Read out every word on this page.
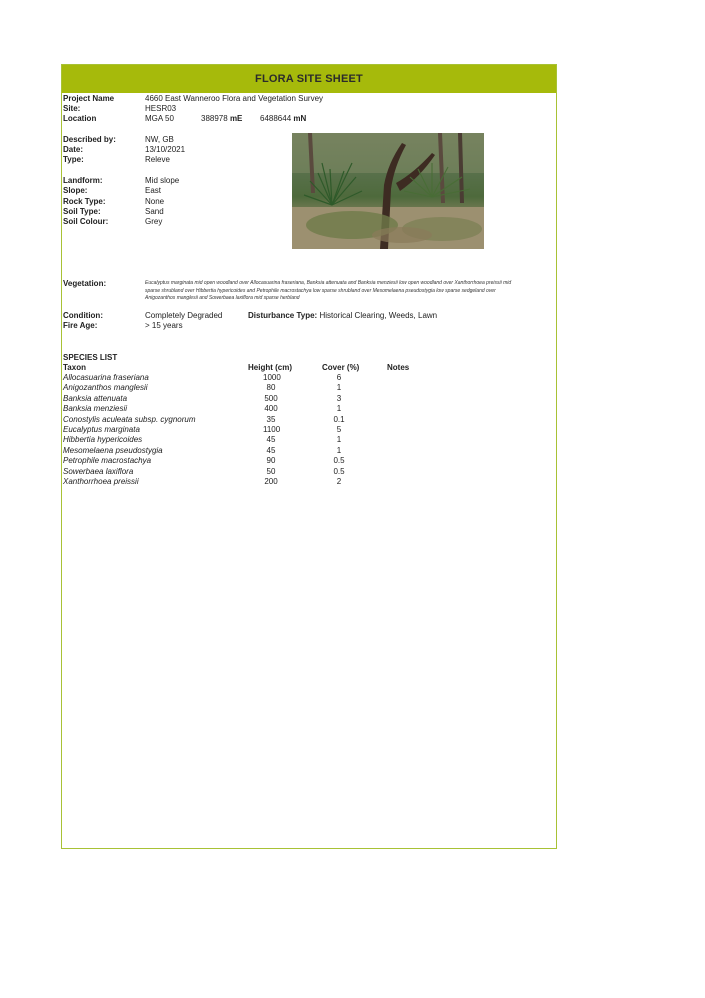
FLORA SITE SHEET
Project Name	4660 East Wanneroo Flora and Vegetation Survey
Site:	HESR03
Location	MGA 50	388978 mE 6488644 mN
Described by:	NW, GB
Date:	13/10/2021
Type:	Releve
Landform:	Mid slope
Slope:	East
Rock Type:	None
Soil Type:	Sand
Soil Colour:	Grey
Vegetation:	Eucalyptus marginata mid open woodland over Allocasuarina fraseriana, Banksia attenuata and Banksia menziesii low open woodland over Xanthorrhoea preissii mid sparse shrubland over Hibbertia hypericoides and Petrophile macrostachya low sparse shrubland over Mesomelaena pseudostygia low sparse sedgeland over Anigozanthos manglesii and Sowerbaea laxiflora mid sparse herbland
Condition:	Completely Degraded	Disturbance Type: Historical Clearing, Weeds, Lawn
Fire Age:	> 15 years
SPECIES LIST
Taxon	Height (cm)	Cover (%)	Notes
Allocasuarina fraseriana	1000	6
Anigozanthos manglesii	80	1
Banksia attenuata	500	3
Banksia menziesii	400	1
Conostylis aculeata subsp. cygnorum	35	0.1
Eucalyptus marginata	1100	5
Hibbertia hypericoides	45	1
Mesomelaena pseudostygia	45	1
Petrophile macrostachya	90	0.5
Sowerbaea laxiflora	50	0.5
Xanthorrhoea preissii	200	2
